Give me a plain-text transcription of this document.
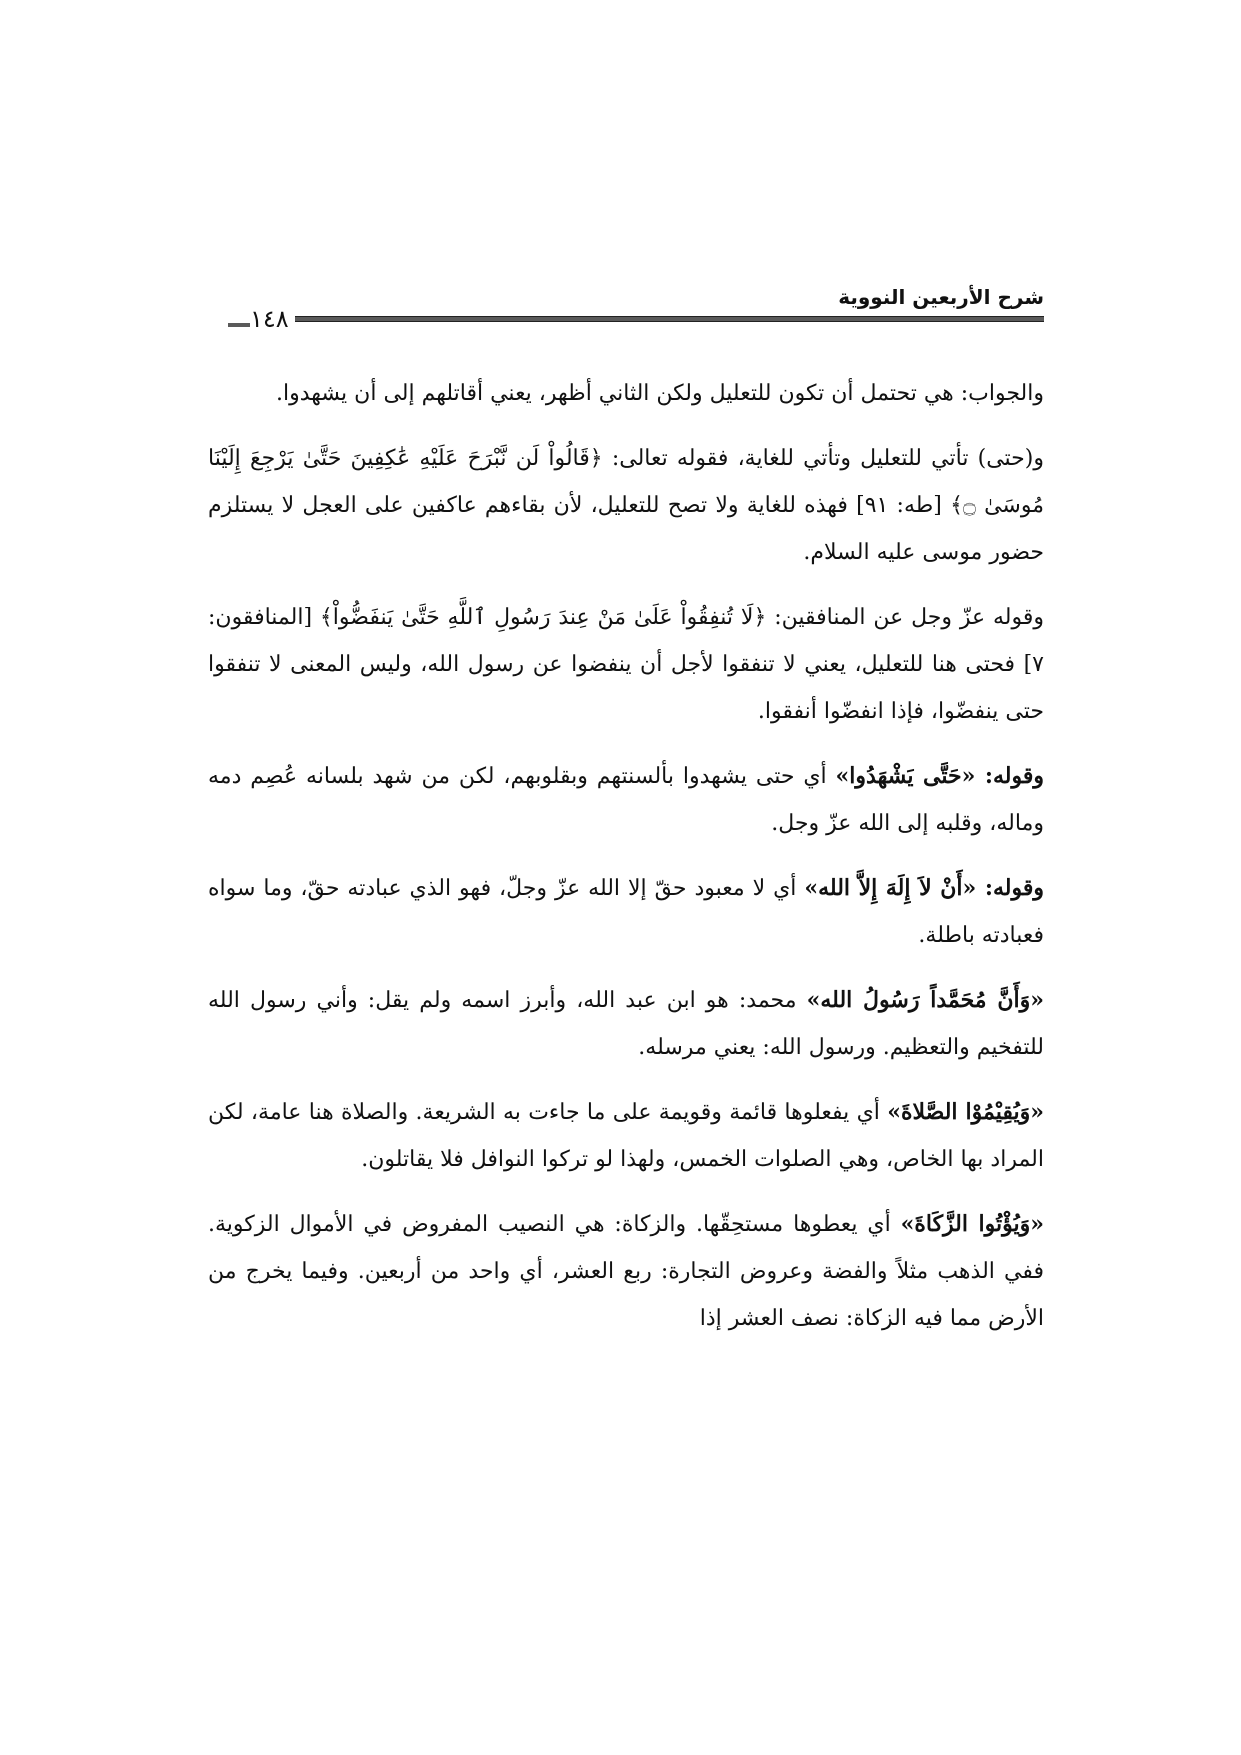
شرح الأربعين النووية
١٤٨

والجواب: هي تحتمل أن تكون للتعليل ولكن الثاني أظهر، يعني أقاتلهم إلى أن يشهدوا.

و(حتى) تأتي للتعليل وتأتي للغاية، فقوله تعالى: ﴿قَالُواْ لَن نَّبْرَحَ عَلَيْهِ عَٰكِفِينَ حَتَّىٰ يَرْجِعَ إِلَيْنَا مُوسَىٰ ۝﴾ [طه: ٩١] فهذه للغاية ولا تصح للتعليل، لأن بقاءهم عاكفين على العجل لا يستلزم حضور موسى عليه السلام.

وقوله عزّ وجل عن المنافقين: ﴿لَا تُنفِقُواْ عَلَىٰ مَنْ عِندَ رَسُولِ ٱللَّهِ حَتَّىٰ يَنفَضُّواْ﴾ [المنافقون: ٧] فحتى هنا للتعليل، يعني لا تنفقوا لأجل أن ينفضوا عن رسول الله، وليس المعنى لا تنفقوا حتى ينفضّوا، فإذا انفضّوا أنفقوا.

وقوله: «حَتَّى يَشْهَدُوا» أي حتى يشهدوا بألسنتهم وبقلوبهم، لكن من شهد بلسانه عُصِم دمه وماله، وقلبه إلى الله عزّ وجل.

وقوله: «أَنْ لاَ إِلَهَ إِلاَّ الله» أي لا معبود حقّ إلا الله عزّ وجلّ، فهو الذي عبادته حقّ، وما سواه فعبادته باطلة.

«وَأَنَّ مُحَمَّداً رَسُولُ الله» محمد: هو ابن عبد الله، وأبرز اسمه ولم يقل: وأني رسول الله للتفخيم والتعظيم. ورسول الله: يعني مرسله.

«وَيُقِيْمُوْا الصَّلاةَ» أي يفعلوها قائمة وقويمة على ما جاءت به الشريعة. والصلاة هنا عامة، لكن المراد بها الخاص، وهي الصلوات الخمس، ولهذا لو تركوا النوافل فلا يقاتلون.

«وَيُؤْتُوا الزَّكَاةَ» أي يعطوها مستحِقّها. والزكاة: هي النصيب المفروض في الأموال الزكوية. ففي الذهب مثلاً والفضة وعروض التجارة: ربع العشر، أي واحد من أربعين. وفيما يخرج من الأرض مما فيه الزكاة: نصف العشر إذا
